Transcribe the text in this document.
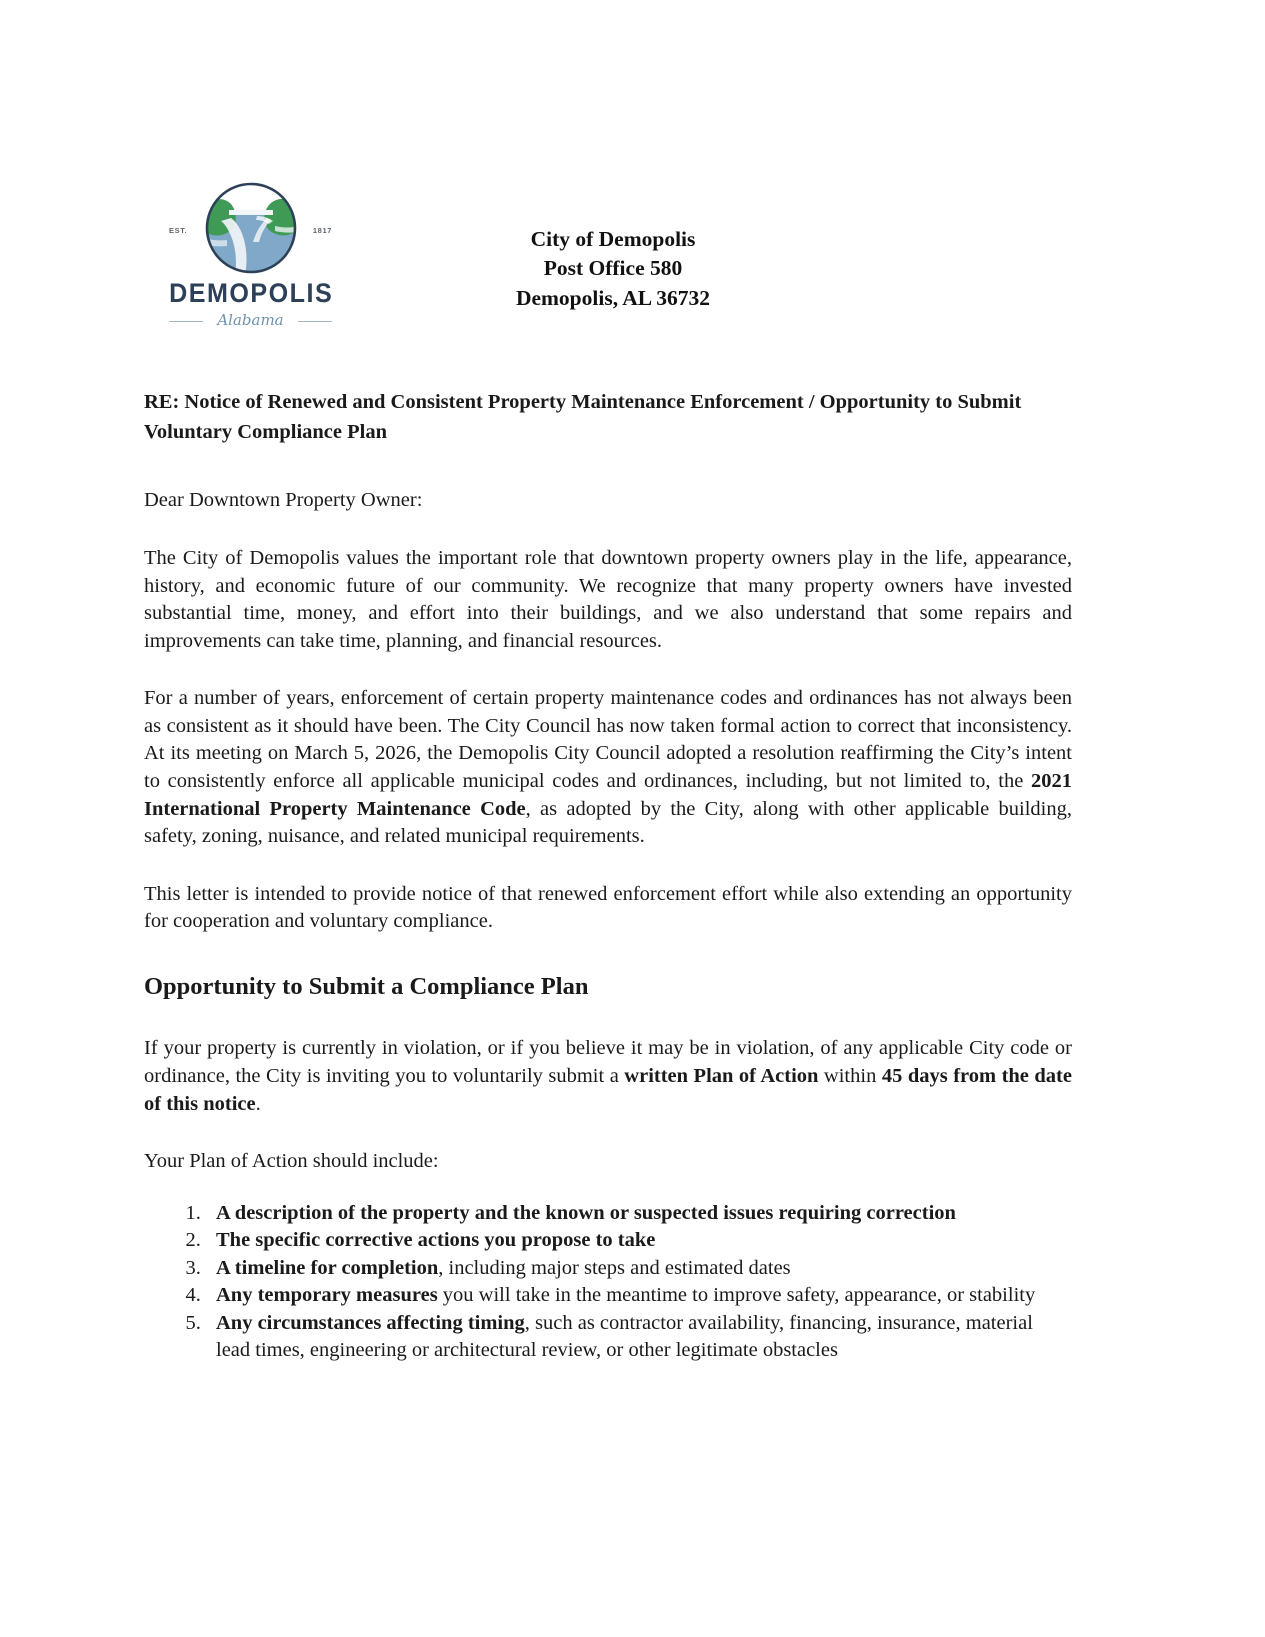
EST.	1817
DEMOPOLIS
Alabama
City of Demopolis
Post Office 580
Demopolis, AL 36732
RE: Notice of Renewed and Consistent Property Maintenance Enforcement / Opportunity to Submit Voluntary Compliance Plan

Dear Downtown Property Owner:

The City of Demopolis values the important role that downtown property owners play in the life, appearance, history, and economic future of our community. We recognize that many property owners have invested substantial time, money, and effort into their buildings, and we also understand that some repairs and improvements can take time, planning, and financial resources.

For a number of years, enforcement of certain property maintenance codes and ordinances has not always been as consistent as it should have been. The City Council has now taken formal action to correct that inconsistency. At its meeting on March 5, 2026, the Demopolis City Council adopted a resolution reaffirming the City’s intent to consistently enforce all applicable municipal codes and ordinances, including, but not limited to, the 2021 International Property Maintenance Code, as adopted by the City, along with other applicable building, safety, zoning, nuisance, and related municipal requirements.

This letter is intended to provide notice of that renewed enforcement effort while also extending an opportunity for cooperation and voluntary compliance.

Opportunity to Submit a Compliance Plan

If your property is currently in violation, or if you believe it may be in violation, of any applicable City code or ordinance, the City is inviting you to voluntarily submit a written Plan of Action within 45 days from the date of this notice.

Your Plan of Action should include:

1. A description of the property and the known or suspected issues requiring correction
2. The specific corrective actions you propose to take
3. A timeline for completion, including major steps and estimated dates
4. Any temporary measures you will take in the meantime to improve safety, appearance, or stability
5. Any circumstances affecting timing, such as contractor availability, financing, insurance, material lead times, engineering or architectural review, or other legitimate obstacles
